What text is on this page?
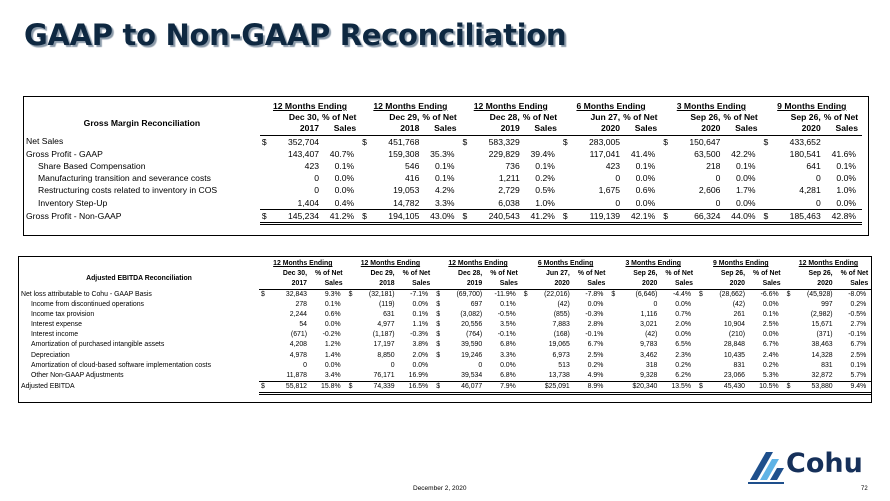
GAAP to Non-GAAP Reconciliation
	12 Months Ending			12 Months Ending			12 Months Ending			6 Months Ending			3 Months Ending			9 Months Ending		
Gross Margin Reconciliation	Dec 30,		% of Net	Dec 29,		% of Net	Dec 28,		% of Net	Jun 27,		% of Net	Sep 26,		% of Net	Sep 26,		% of Net
	2017		Sales	2018		Sales	2019		Sales	2020		Sales	2020		Sales	2020		Sales
Net Sales	$	352,704		$	451,768		$	583,329		$	283,005		$	150,647		$	433,652	
Gross Profit - GAAP		143,407	40.7%		159,308	35.3%		229,829	39.4%		117,041	41.4%		63,500	42.2%		180,541	41.6%
Share Based Compensation		423	0.1%		546	0.1%		736	0.1%		423	0.1%		218	0.1%		641	0.1%
Manufacturing transition and severance costs		0	0.0%		416	0.1%		1,211	0.2%		0	0.0%		0	0.0%		0	0.0%
Restructuring costs related to inventory in COS		0	0.0%		19,053	4.2%		2,729	0.5%		1,675	0.6%		2,606	1.7%		4,281	1.0%
Inventory Step-Up		1,404	0.4%		14,782	3.3%		6,038	1.0%		0	0.0%		0	0.0%		0	0.0%
Gross Profit - Non-GAAP	$	145,234	41.2%	$	194,105	43.0%	$	240,543	41.2%	$	119,139	42.1%	$	66,324	44.0%	$	185,463	42.8%
	12 Months Ending			12 Months Ending			12 Months Ending			6 Months Ending			3 Months Ending			9 Months Ending			12 Months Ending		
Adjusted EBITDA Reconciliation	Dec 30,		% of Net	Dec 29,		% of Net	Dec 28,		% of Net	Jun 27,		% of Net	Sep 26,		% of Net	Sep 26,		% of Net	Sep 26,		% of Net
	2017		Sales	2018		Sales	2019		Sales	2020		Sales	2020		Sales	2020		Sales	2020		Sales
Net loss attributable to Cohu - GAAP Basis	$	32,843	9.3%	$	(32,181)	-7.1%	$	(69,700)	-11.9%	$	(22,016)	-7.8%	$	(6,646)	-4.4%	$	(28,662)	-6.6%	$	(45,928)	-8.0%
Income from discontinued operations		278	0.1%		(119)	0.0%	$	697	0.1%		(42)	0.0%		0	0.0%		(42)	0.0%		997	0.2%
Income tax provision		2,244	0.6%		631	0.1%	$	(3,082)	-0.5%		(855)	-0.3%		1,116	0.7%		261	0.1%		(2,982)	-0.5%
Interest expense		54	0.0%		4,977	1.1%	$	20,556	3.5%		7,883	2.8%		3,021	2.0%		10,904	2.5%		15,671	2.7%
Interest income		(671)	-0.2%		(1,187)	-0.3%	$	(764)	-0.1%		(168)	-0.1%		(42)	0.0%		(210)	0.0%		(371)	-0.1%
Amortization of purchased intangible assets		4,208	1.2%		17,197	3.8%	$	39,590	6.8%		19,065	6.7%		9,783	6.5%		28,848	6.7%		38,463	6.7%
Depreciation		4,978	1.4%		8,850	2.0%	$	19,246	3.3%		6,973	2.5%		3,462	2.3%		10,435	2.4%		14,328	2.5%
Amortization of cloud-based software implementation costs		0	0.0%		0	0.0%		0	0.0%		513	0.2%		318	0.2%		831	0.2%		831	0.1%
Other Non-GAAP Adjustments		11,878	3.4%		76,171	16.9%		39,534	6.8%		13,738	4.9%		9,328	6.2%		23,066	5.3%		32,872	5.7%
Adjusted EBITDA	$	55,812	15.8%	$	74,339	16.5%	$	46,077	7.9%		$25,091	8.9%		$20,340	13.5%	$	45,430	10.5%	$	53,880	9.4%
Cohu
December 2, 2020	72
